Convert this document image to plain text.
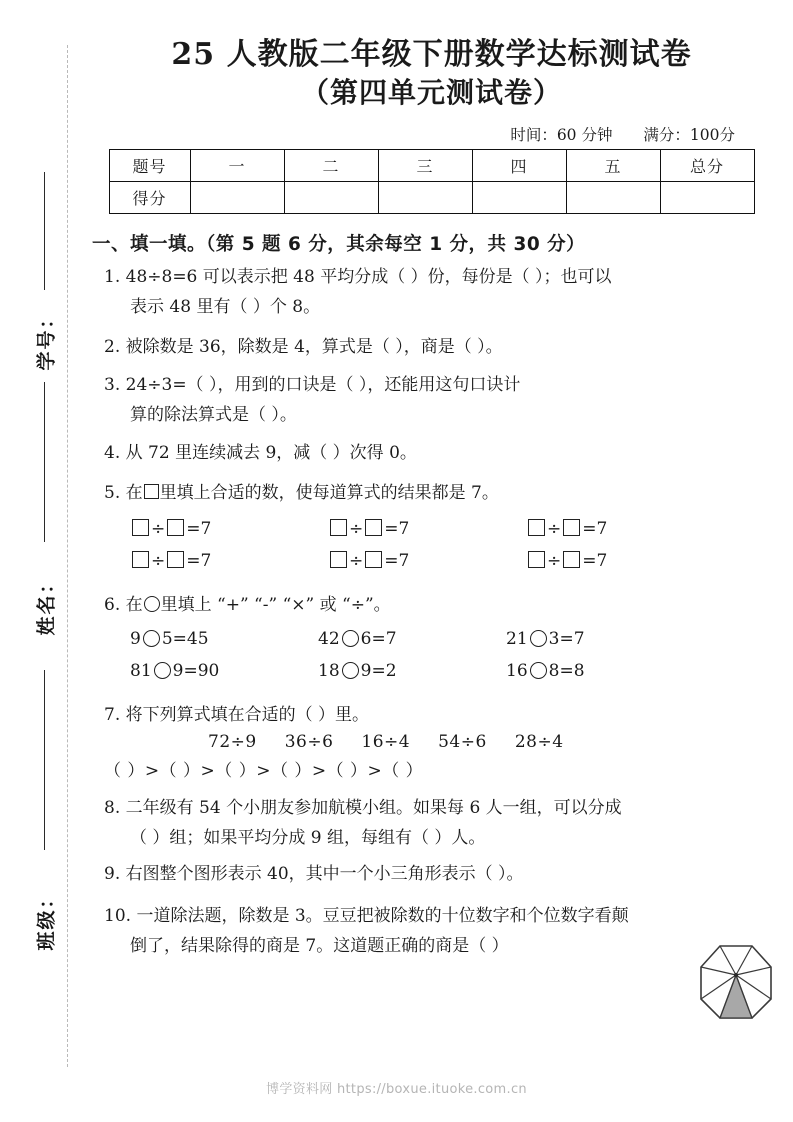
学号：
姓名：
班级：
25 人教版二年级下册数学达标测试卷
（第四单元测试卷）
时间：60 分钟 满分：100分
题号	一	二	三	四	五	总分
得分						
一、填一填。（第 5 题 6 分，其余每空 1 分，共 30 分）
1. 48÷8=6 可以表示把 48 平均分成（ ）份，每份是（ ）；也可以
表示 48 里有（ ）个 8。
2. 被除数是 36，除数是 4，算式是（ ），商是（ ）。
3. 24÷3=（ ），用到的口诀是（ ），还能用这句口诀计
算的除法算式是（ ）。
4. 从 72 里连续减去 9，减（ ）次得 0。
5. 在 里填上合适的数，使每道算式的结果都是 7。
÷ =7	÷ =7	÷ =7
÷ =7	÷ =7	÷ =7
6. 在 里填上 “+” “-” “×” 或 “÷”。
9 5=45	42 6=7	21 3=7
81 9=90	18 9=2	16 8=8
7. 将下列算式填在合适的（ ）里。
72÷9 36÷6 16÷4 54÷6 28÷4
（ ）>（ ）>（ ）>（ ）>（ ）>（ ）
8. 二年级有 54 个小朋友参加航模小组。如果每 6 人一组，可以分成
（ ）组；如果平均分成 9 组，每组有（ ）人。
9. 右图整个图形表示 40，其中一个小三角形表示（ ）。
10. 一道除法题，除数是 3。豆豆把被除数的十位数字和个位数字看颠
倒了，结果除得的商是 7。这道题正确的商是（ ）
博学资料网 https://boxue.ituoke.com.cn
